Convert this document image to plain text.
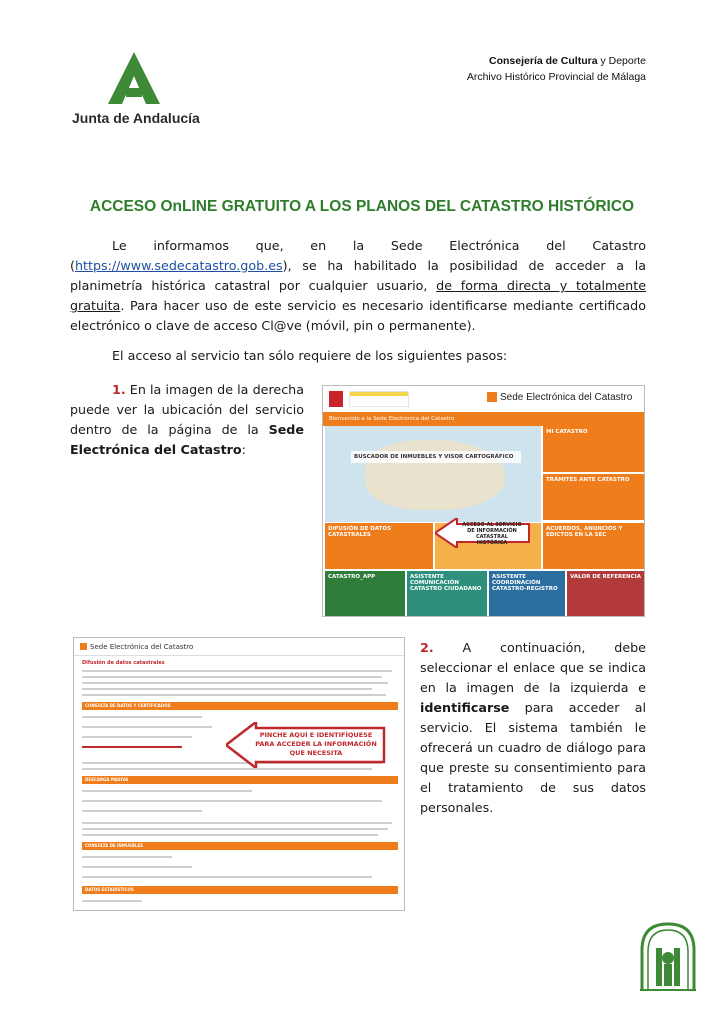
Junta de Andalucía
Consejería de Cultura y Deporte
Archivo Histórico Provincial de Málaga
ACCESO OnLINE GRATUITO A LOS PLANOS DEL CATASTRO HISTÓRICO
Le informamos que, en la Sede Electrónica del Catastro (https://www.sedecatastro.gob.es), se ha habilitado la posibilidad de acceder a la planimetría histórica catastral por cualquier usuario, de forma directa y totalmente gratuita. Para hacer uso de este servicio es necesario identificarse mediante certificado electrónico o clave de acceso Cl@ve (móvil, pin o permanente).
El acceso al servicio tan sólo requiere de los siguientes pasos:
1. En la imagen de la derecha puede ver la ubicación del servicio dentro de la página de la Sede Electrónica del Catastro:
Sede Electrónica del Catastro
Bienvenido a la Sede Electrónica del Catastro
BUSCADOR DE INMUEBLES Y VISOR CARTOGRÁFICO
MI CATASTRO
TRÁMITES ANTE CATASTRO
DIFUSIÓN DE DATOS CATASTRALES
ACUERDOS, ANUNCIOS Y EDICTOS EN LA SEC
CATASTRO_APP	ASISTENTE COMUNICACIÓN CATASTRO CIUDADANO
ASISTENTE COORDINACIÓN CATASTRO-REGISTRO
VALOR DE REFERENCIA
ACCESO AL SERVICIO DE INFORMACIÓN CATASTRAL HISTÓRICA
Sede Electrónica del Catastro
Difusión de datos catastrales
CONSULTA DE DATOS Y CERTIFICADOS
DESCARGA MASIVA
CONSULTA DE INMUEBLES
DATOS ESTADÍSTICOS
PINCHE AQUÍ E IDENTIFÍQUESE PARA ACCEDER LA INFORMACIÓN QUE NECESITA
2. A continuación, debe seleccionar el enlace que se indica en la imagen de la izquierda e identificarse para acceder al servicio. El sistema también le ofrecerá un cuadro de diálogo para que preste su consentimiento para el tratamiento de sus datos personales.
